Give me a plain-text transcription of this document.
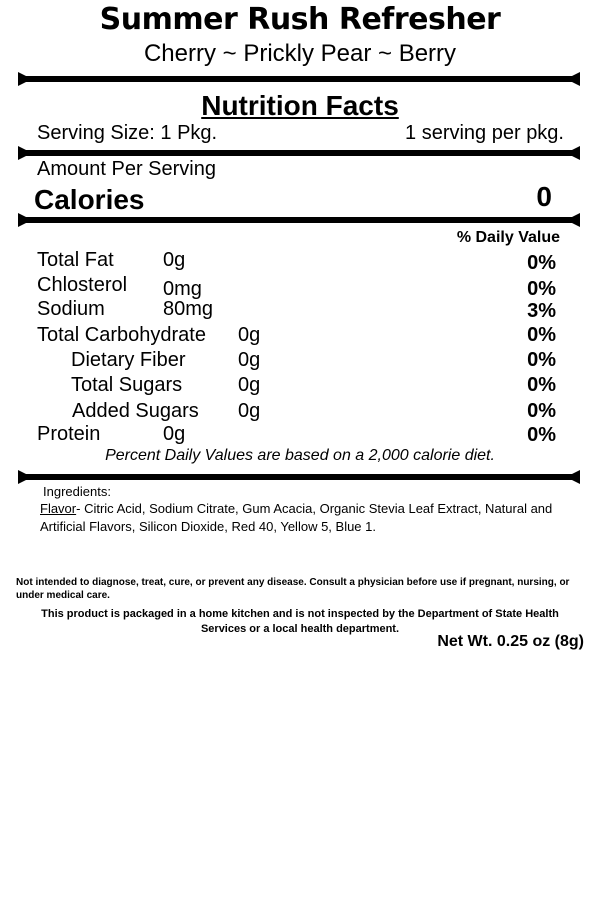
Summer Rush Refresher
Cherry ~ Prickly Pear ~ Berry
Nutrition Facts
Serving Size: 1 Pkg.	1 serving per pkg.
Amount Per Serving
Calories	0
% Daily Value
Total Fat 0g	0%
Chlosterol 0mg	0%
Sodium	80mg	3%
Total Carbohydrate 0g	0%
Dietary Fiber	0g	0%
Total Sugars	0g	0%
Added Sugars 0g	0%
Protein	0g	0%
Percent Daily Values are based on a 2,000 calorie diet.
Ingredients:
Flavor- Citric Acid, Sodium Citrate, Gum Acacia, Organic Stevia Leaf Extract, Natural and Artificial Flavors, Silicon Dioxide, Red 40, Yellow 5, Blue 1.
Not intended to diagnose, treat, cure, or prevent any disease. Consult a physician before use if pregnant, nursing, or under medical care.
This product is packaged in a home kitchen and is not inspected by the Department of State Health Services or a local health department.
Net Wt. 0.25 oz (8g)
